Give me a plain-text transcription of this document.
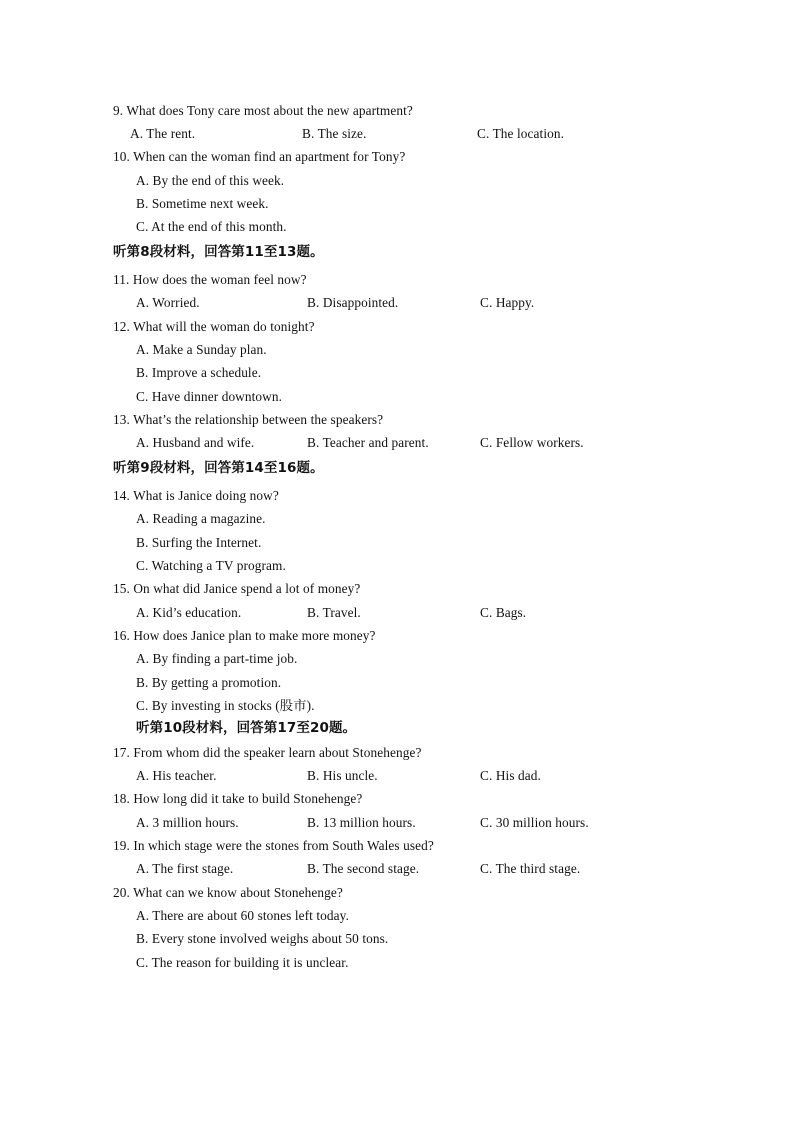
9. What does Tony care most about the new apartment?
A. The rent.	B. The size.	C. The location.
10. When can the woman find an apartment for Tony?
A. By the end of this week.
B. Sometime next week.
C. At the end of this month.
听第8段材料，回答第11至13题。
11. How does the woman feel now?
A. Worried.	B. Disappointed.	C. Happy.
12. What will the woman do tonight?
A. Make a Sunday plan.
B. Improve a schedule.
C. Have dinner downtown.
13. What’s the relationship between the speakers?
A. Husband and wife.	B. Teacher and parent.	C. Fellow workers.
听第9段材料，回答第14至16题。
14. What is Janice doing now?
A. Reading a magazine.
B. Surfing the Internet.
C. Watching a TV program.
15. On what did Janice spend a lot of money?
A. Kid’s education.	B. Travel.	C. Bags.
16. How does Janice plan to make more money?
A. By finding a part-time job.
B. By getting a promotion.
C. By investing in stocks (股市).
听第10段材料，回答第17至20题。
17. From whom did the speaker learn about Stonehenge?
A. His teacher.	B. His uncle.	C. His dad.
18. How long did it take to build Stonehenge?
A. 3 million hours.	B. 13 million hours.	C. 30 million hours.
19. In which stage were the stones from South Wales used?
A. The first stage.	B. The second stage.	C. The third stage.
20. What can we know about Stonehenge?
A. There are about 60 stones left today.
B. Every stone involved weighs about 50 tons.
C. The reason for building it is unclear.
